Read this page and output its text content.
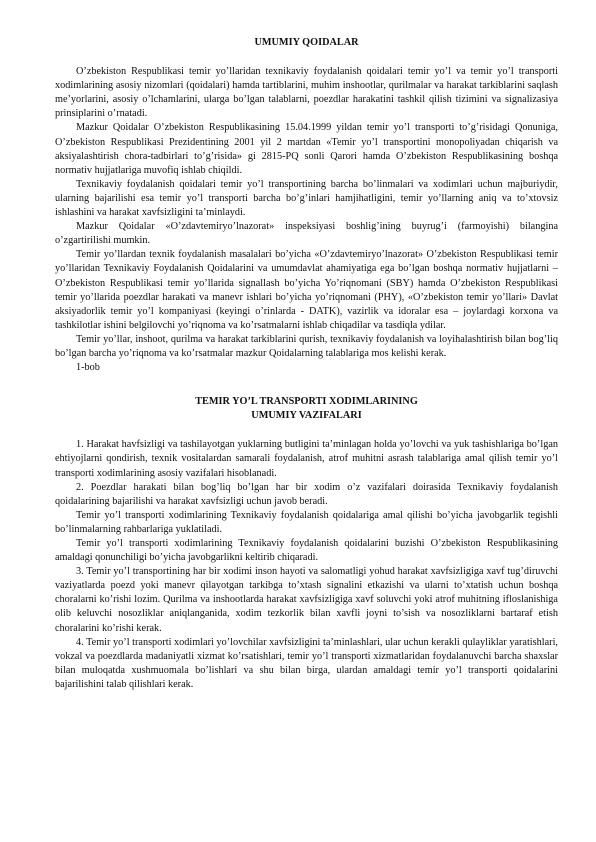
UMUMIY QOIDALAR

O’zbekiston Respublikasi temir yo’llaridan texnikaviy foydalanish qoidalari temir yo’l va temir yo’l transporti xodimlarining asosiy nizomlari (qoidalari) hamda tartiblarini, muhim inshootlar, qurilmalar va harakat tarkiblarini saqlash me’yorlarini, asosiy o’lchamlarini, ularga bo’lgan talablarni, poezdlar harakatini tashkil qilish tizimini va signalizasiya prinsiplarini o’rnatadi.

Mazkur Qoidalar O’zbekiston Respublikasining 15.04.1999 yildan temir yo’l transporti to’g’risidagi Qonuniga, O’zbekiston Respublikasi Prezidentining 2001 yil 2 martdan «Temir yo’l transportini monopoliyadan chiqarish va aksiyalashtirish chora-tadbirlari to’g’risida» gi 2815-PQ sonli Qarori hamda O’zbekiston Respublikasining boshqa normativ hujjatlariga muvofiq ishlab chiqildi.

Texnikaviy foydalanish qoidalari temir yo’l transportining barcha bo’linmalari va xodimlari uchun majburiydir, ularning bajarilishi esa temir yo’l transporti barcha bo’g’inlari hamjihatligini, temir yo’llarning aniq va to’xtovsiz ishlashini va harakat xavfsizligini ta’minlaydi.

Mazkur Qoidalar «O’zdavtemiryo’lnazorat» inspeksiyasi boshlig’ining buyrug’i (farmoyishi) bilangina o’zgartirilishi mumkin.

Temir yo’llardan texnik foydalanish masalalari bo’yicha «O’zdavtemiryo’lnazorat» O’zbekiston Respublikasi temir yo’llaridan Texnikaviy Foydalanish Qoidalarini va umumdavlat ahamiyatiga ega bo’lgan boshqa normativ hujjatlarni – O’zbekiston Respublikasi temir yo’llarida signallash bo’yicha Yo’riqnomani (SBY) hamda O’zbekiston Respublikasi temir yo’llarida poezdlar harakati va manevr ishlari bo’yicha yo’riqnomani (PHY), «O’zbekiston temir yo’llari» Davlat aksiyadorlik temir yo’l kompaniyasi (keyingi o’rinlarda - DATK), vazirlik va idoralar esa – joylardagi korxona va tashkilotlar ishini belgilovchi yo’riqnoma va ko’rsatmalarni ishlab chiqadilar va tasdiqla ydilar.

Temir yo’llar, inshoot, qurilma va harakat tarkiblarini qurish, texnikaviy foydalanish va loyihalashtirish bilan bog’liq bo’lgan barcha yo’riqnoma va ko’rsatmalar mazkur Qoidalarning talablariga mos kelishi kerak.

1-bob

TEMIR YO’L TRANSPORTI XODIMLARINING
UMUMIY VAZIFALARI

1. Harakat havfsizligi va tashilayotgan yuklarning butligini ta’minlagan holda yo’lovchi va yuk tashishlariga bo’lgan ehtiyojlarni qondirish, texnik vositalardan samarali foydalanish, atrof muhitni asrash talablariga amal qilish temir yo’l transporti xodimlarining asosiy vazifalari hisoblanadi.

2. Poezdlar harakati bilan bog’liq bo’lgan har bir xodim o’z vazifalari doirasida Texnikaviy foydalanish qoidalarining bajarilishi va harakat xavfsizligi uchun javob beradi.

Temir yo’l transporti xodimlarining Texnikaviy foydalanish qoidalariga amal qilishi bo’yicha javobgarlik tegishli bo’linmalarning rahbarlariga yuklatiladi.

Temir yo’l transporti xodimlarining Texnikaviy foydalanish qoidalarini buzishi O’zbekiston Respublikasining amaldagi qonunchiligi bo’yicha javobgarlikni keltirib chiqaradi.

3. Temir yo’l transportining har bir xodimi inson hayoti va salomatligi yohud harakat xavfsizligiga xavf tug’diruvchi vaziyatlarda poezd yoki manevr qilayotgan tarkibga to’xtash signalini etkazishi va ularni to’xtatish uchun boshqa choralarni ko’rishi lozim. Qurilma va inshootlarda harakat xavfsizligiga xavf soluvchi yoki atrof muhitning ifloslanishiga olib keluvchi nosozliklar aniqlanganida, xodim tezkorlik bilan xavfli joyni to’sish va nosozliklarni bartaraf etish choralarini ko’rishi kerak.

4. Temir yo’l transporti xodimlari yo’lovchilar xavfsizligini ta’minlashlari, ular uchun kerakli qulayliklar yaratishlari, vokzal va poezdlarda madaniyatli xizmat ko’rsatishlari, temir yo’l transporti xizmatlaridan foydalanuvchi barcha shaxslar bilan muloqatda xushmuomala bo’lishlari va shu bilan birga, ulardan amaldagi temir yo’l transporti qoidalarini bajarilishini talab qilishlari kerak.
